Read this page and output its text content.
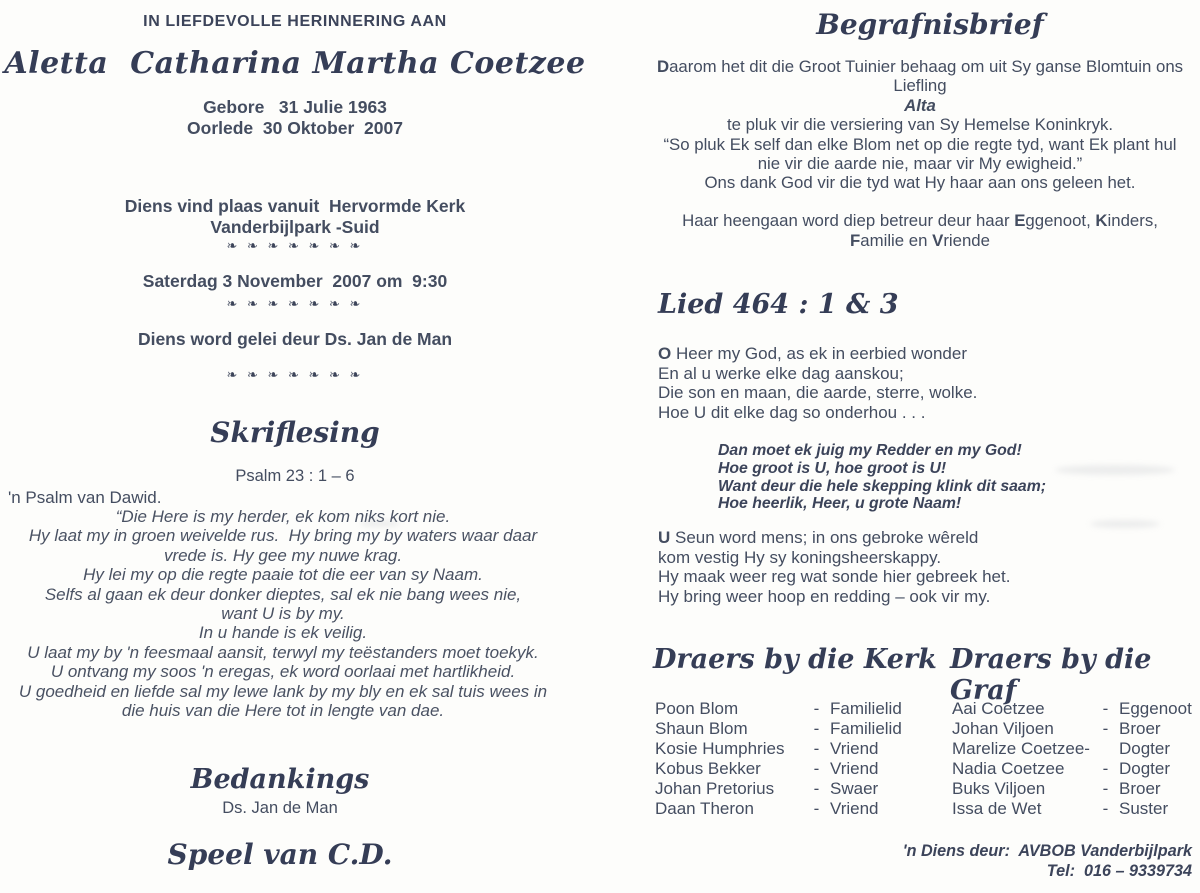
IN LIEFDEVOLLE HERINNERING AAN
Aletta  Catharina Martha Coetzee
Gebore   31 Julie 1963
Oorlede  30 Oktober  2007
Diens vind plaas vanuit  Hervormde Kerk
Vanderbijlpark -Suid
❧ ❧ ❧ ❧ ❧ ❧ ❧
Saterdag 3 November  2007 om  9:30
❧ ❧ ❧ ❧ ❧ ❧ ❧
Diens word gelei deur Ds. Jan de Man
❧ ❧ ❧ ❧ ❧ ❧ ❧
Skriflesing
Psalm 23 : 1 – 6
'n Psalm van Dawid.
“Die Here is my herder, ek kom niks kort nie.
Hy laat my in groen weivelde rus.  Hy bring my by waters waar daar
vrede is. Hy gee my nuwe krag.
Hy lei my op die regte paaie tot die eer van sy Naam.
Selfs al gaan ek deur donker dieptes, sal ek nie bang wees nie,
want U is by my.
In u hande is ek veilig.
U laat my by 'n feesmaal aansit, terwyl my teëstanders moet toekyk.
U ontvang my soos 'n eregas, ek word oorlaai met hartlikheid.
U goedheid en liefde sal my lewe lank by my bly en ek sal tuis wees in
die huis van die Here tot in lengte van dae.
Bedankings
Ds. Jan de Man
Speel van C.D.
Begrafnisbrief
Daarom het dit die Groot Tuinier behaag om uit Sy ganse Blomtuin ons
Liefling
Alta
te pluk vir die versiering van Sy Hemelse Koninkryk.
“So pluk Ek self dan elke Blom net op die regte tyd, want Ek plant hul
nie vir die aarde nie, maar vir My ewigheid.”
Ons dank God vir die tyd wat Hy haar aan ons geleen het.
Haar heengaan word diep betreur deur haar Eggenoot, Kinders,
Familie en Vriende
Lied 464 : 1 & 3
O Heer my God, as ek in eerbied wonder
En al u werke elke dag aanskou;
Die son en maan, die aarde, sterre, wolke.
Hoe U dit elke dag so onderhou . . .
Dan moet ek juig my Redder en my God!
Hoe groot is U, hoe groot is U!
Want deur die hele skepping klink dit saam;
Hoe heerlik, Heer, u grote Naam!
U Seun word mens; in ons gebroke wêreld
kom vestig Hy sy koningsheerskappy.
Hy maak weer reg wat sonde hier gebreek het.
Hy bring weer hoop en redding – ook vir my.
Draers by die Kerk Draers by die Graf
Poon Blom	- Familielid
Shaun Blom	- Familielid
Kosie Humphries - Vriend
Kobus Bekker	- Vriend
Johan Pretorius - Swaer
Daan Theron	- Vriend
Aai Coetzee	- Eggenoot
Johan Viljoen	- Broer
Marelize Coetzee- Dogter
Nadia Coetzee - Dogter
Buks Viljoen	- Broer
Issa de Wet	- Suster
'n Diens deur:  AVBOB Vanderbijlpark
Tel:  016 – 9339734
